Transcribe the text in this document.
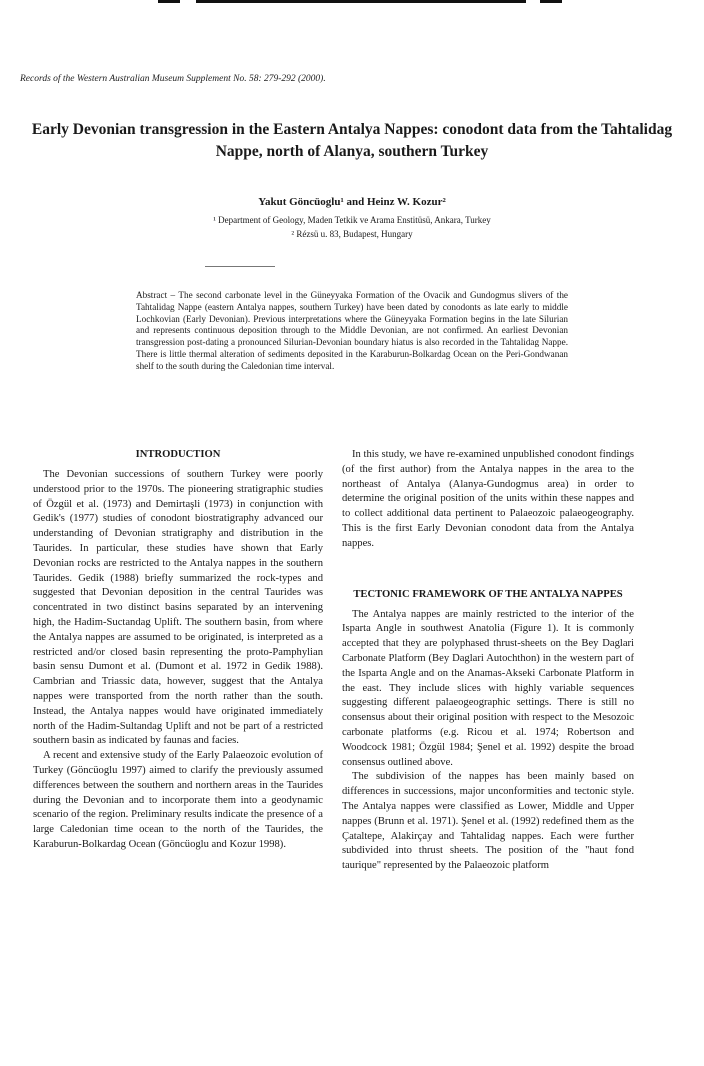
Records of the Western Australian Museum Supplement No. 58: 279-292 (2000).
Early Devonian transgression in the Eastern Antalya Nappes: conodont data from the Tahtalidag Nappe, north of Alanya, southern Turkey
Yakut Göncüoglu¹ and Heinz W. Kozur²
¹ Department of Geology, Maden Tetkik ve Arama Enstitüsü, Ankara, Turkey
² Rézsü u. 83, Budapest, Hungary
Abstract – The second carbonate level in the Güneyyaka Formation of the Ovacik and Gundogmus slivers of the Tahtalidag Nappe (eastern Antalya nappes, southern Turkey) have been dated by conodonts as late early to middle Lochkovian (Early Devonian). Previous interpretations where the Güneyyaka Formation begins in the late Silurian and represents continuous deposition through to the Middle Devonian, are not confirmed. An earliest Devonian transgression post-dating a pronounced Silurian-Devonian boundary hiatus is also recorded in the Tahtalidag Nappe. There is little thermal alteration of sediments deposited in the Karaburun-Bolkardag Ocean on the Peri-Gondwanan shelf to the south during the Caledonian time interval.
INTRODUCTION

The Devonian successions of southern Turkey were poorly understood prior to the 1970s. The pioneering stratigraphic studies of Özgül et al. (1973) and Demirtaşli (1973) in conjunction with Gedik's (1977) studies of conodont biostratigraphy advanced our understanding of Devonian stratigraphy and distribution in the Taurides. In particular, these studies have shown that Early Devonian rocks are restricted to the Antalya nappes in the southern Taurides. Gedik (1988) briefly summarized the rock-types and suggested that Devonian deposition in the central Taurides was concentrated in two distinct basins separated by an intervening high, the Hadim-Suctandag Uplift. The southern basin, from where the Antalya nappes are assumed to be originated, is interpreted as a restricted and/or closed basin representing the proto-Pamphylian basin sensu Dumont et al. (Dumont et al. 1972 in Gedik 1988). Cambrian and Triassic data, however, suggest that the Antalya nappes were transported from the north rather than the south. Instead, the Antalya nappes would have originated immediately north of the Hadim-Sultandag Uplift and not be part of a restricted southern basin as indicated by faunas and facies.

A recent and extensive study of the Early Palaeozoic evolution of Turkey (Göncüoglu 1997) aimed to clarify the previously assumed differences between the southern and northern areas in the Taurides during the Devonian and to incorporate them into a geodynamic scenario of the region. Preliminary results indicate the presence of a large Caledonian time ocean to the north of the Taurides, the Karaburun-Bolkardag Ocean (Göncüoglu and Kozur 1998).

In this study, we have re-examined unpublished conodont findings (of the first author) from the Antalya nappes in the area to the northeast of Antalya (Alanya-Gundogmus area) in order to determine the original position of the units within these nappes and to collect additional data pertinent to Palaeozoic palaeogeography. This is the first Early Devonian conodont data from the Antalya nappes.

TECTONIC FRAMEWORK OF THE ANTALYA NAPPES

The Antalya nappes are mainly restricted to the interior of the Isparta Angle in southwest Anatolia (Figure 1). It is commonly accepted that they are polyphased thrust-sheets on the Bey Daglari Carbonate Platform (Bey Daglari Autochthon) in the western part of the Isparta Angle and on the Anamas-Akseki Carbonate Platform in the east. They include slices with highly variable sequences suggesting different palaeogeographic settings. There is still no consensus about their original position with respect to the Mesozoic carbonate platforms (e.g. Ricou et al. 1974; Robertson and Woodcock 1981; Özgül 1984; Şenel et al. 1992) despite the broad consensus outlined above.

The subdivision of the nappes has been mainly based on differences in successions, major unconformities and tectonic style. The Antalya nappes were classified as Lower, Middle and Upper nappes (Brunn et al. 1971). Şenel et al. (1992) redefined them as the Çataltepe, Alakirçay and Tahtalidag nappes. Each were further subdivided into thrust sheets. The position of the "haut fond taurique" represented by the Palaeozoic platform
